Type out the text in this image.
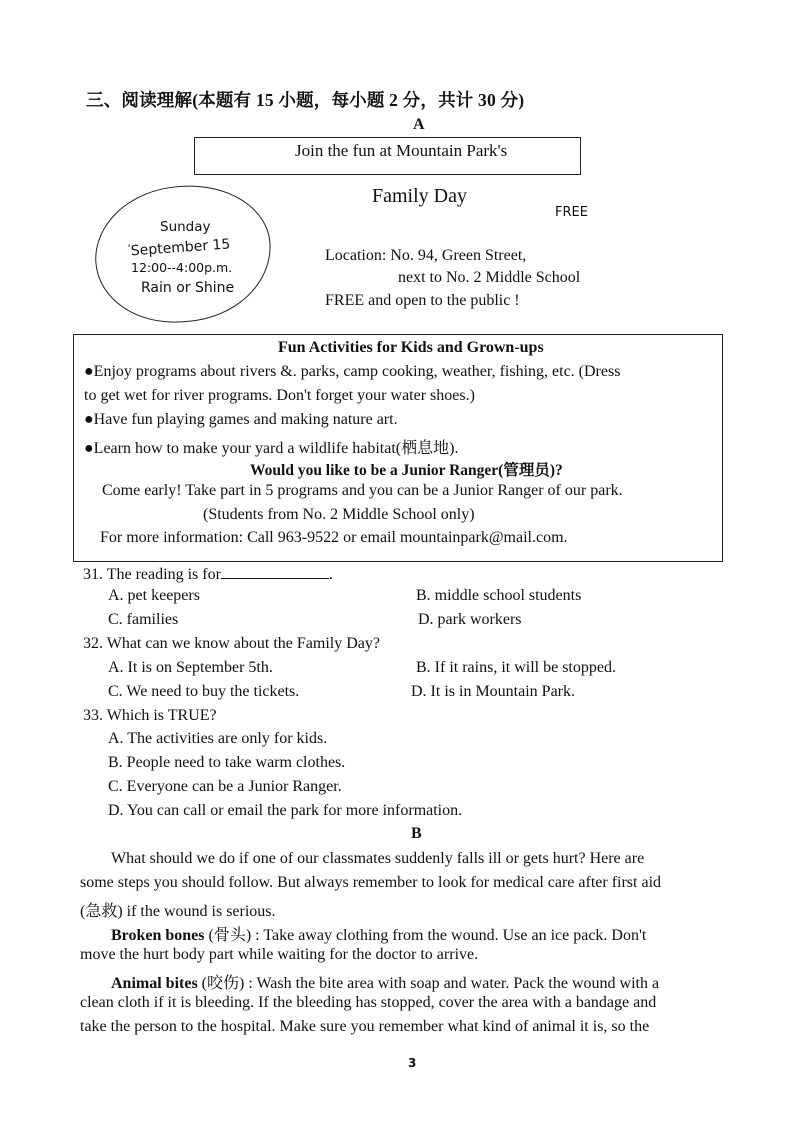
三、阅读理解(本题有 15 小题，每小题 2 分，共计 30 分)
A
Join the fun at Mountain Park's
Family Day
FREE
Sunday
'September 15
12:00--4:00p.m.
Rain or Shine
Location: No. 94, Green Street,
next to No. 2 Middle School
FREE and open to the public !
Fun Activities for Kids and Grown-ups
●Enjoy programs about rivers &. parks, camp cooking, weather, fishing, etc. (Dress
to get wet for river programs. Don't forget your water shoes.)
●Have fun playing games and making nature art.
●Learn how to make your yard a wildlife habitat(栖息地).
Would you like to be a Junior Ranger(管理员)?
Come early! Take part in 5 programs and you can be a Junior Ranger of our park.
(Students from No. 2 Middle School only)
For more information: Call 963-9522 or email mountainpark@mail.com.
31. The reading is for	.
A. pet keepers	B. middle school students
C. families	D. park workers
32. What can we know about the Family Day?
A. It is on September 5th.	B. If it rains, it will be stopped.
C. We need to buy the tickets.	D. It is in Mountain Park.
33. Which is TRUE?
A. The activities are only for kids.
B. People need to take warm clothes.
C. Everyone can be a Junior Ranger.
D. You can call or email the park for more information.
B
What should we do if one of our classmates suddenly falls ill or gets hurt? Here are
some steps you should follow. But always remember to look for medical care after first aid
(急救) if the wound is serious.
Broken bones (骨头) : Take away clothing from the wound. Use an ice pack. Don't
move the hurt body part while waiting for the doctor to arrive.
Animal bites (咬伤) : Wash the bite area with soap and water. Pack the wound with a
clean cloth if it is bleeding. If the bleeding has stopped, cover the area with a bandage and
take the person to the hospital. Make sure you remember what kind of animal it is, so the
3
